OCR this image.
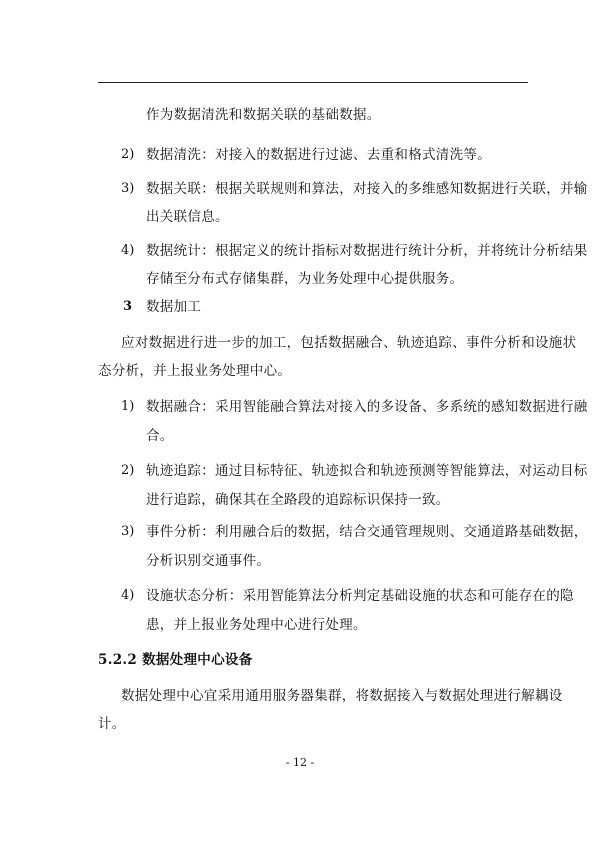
作为数据清洗和数据关联的基础数据。
2) 数据清洗：对接入的数据进行过滤、去重和格式清洗等。
3) 数据关联：根据关联规则和算法，对接入的多维感知数据进行关联，并输
出关联信息。
4) 数据统计：根据定义的统计指标对数据进行统计分析，并将统计分析结果
存储至分布式存储集群，为业务处理中心提供服务。
3 数据加工
应对数据进行进一步的加工，包括数据融合、轨迹追踪、事件分析和设施状
态分析，并上报业务处理中心。
1) 数据融合：采用智能融合算法对接入的多设备、多系统的感知数据进行融
合。
2) 轨迹追踪：通过目标特征、轨迹拟合和轨迹预测等智能算法，对运动目标
进行追踪，确保其在全路段的追踪标识保持一致。
3) 事件分析：利用融合后的数据，结合交通管理规则、交通道路基础数据，
分析识别交通事件。
4) 设施状态分析：采用智能算法分析判定基础设施的状态和可能存在的隐
患，并上报业务处理中心进行处理。
5.2.2 数据处理中心设备
数据处理中心宜采用通用服务器集群，将数据接入与数据处理进行解耦设
计。
- 12 -
